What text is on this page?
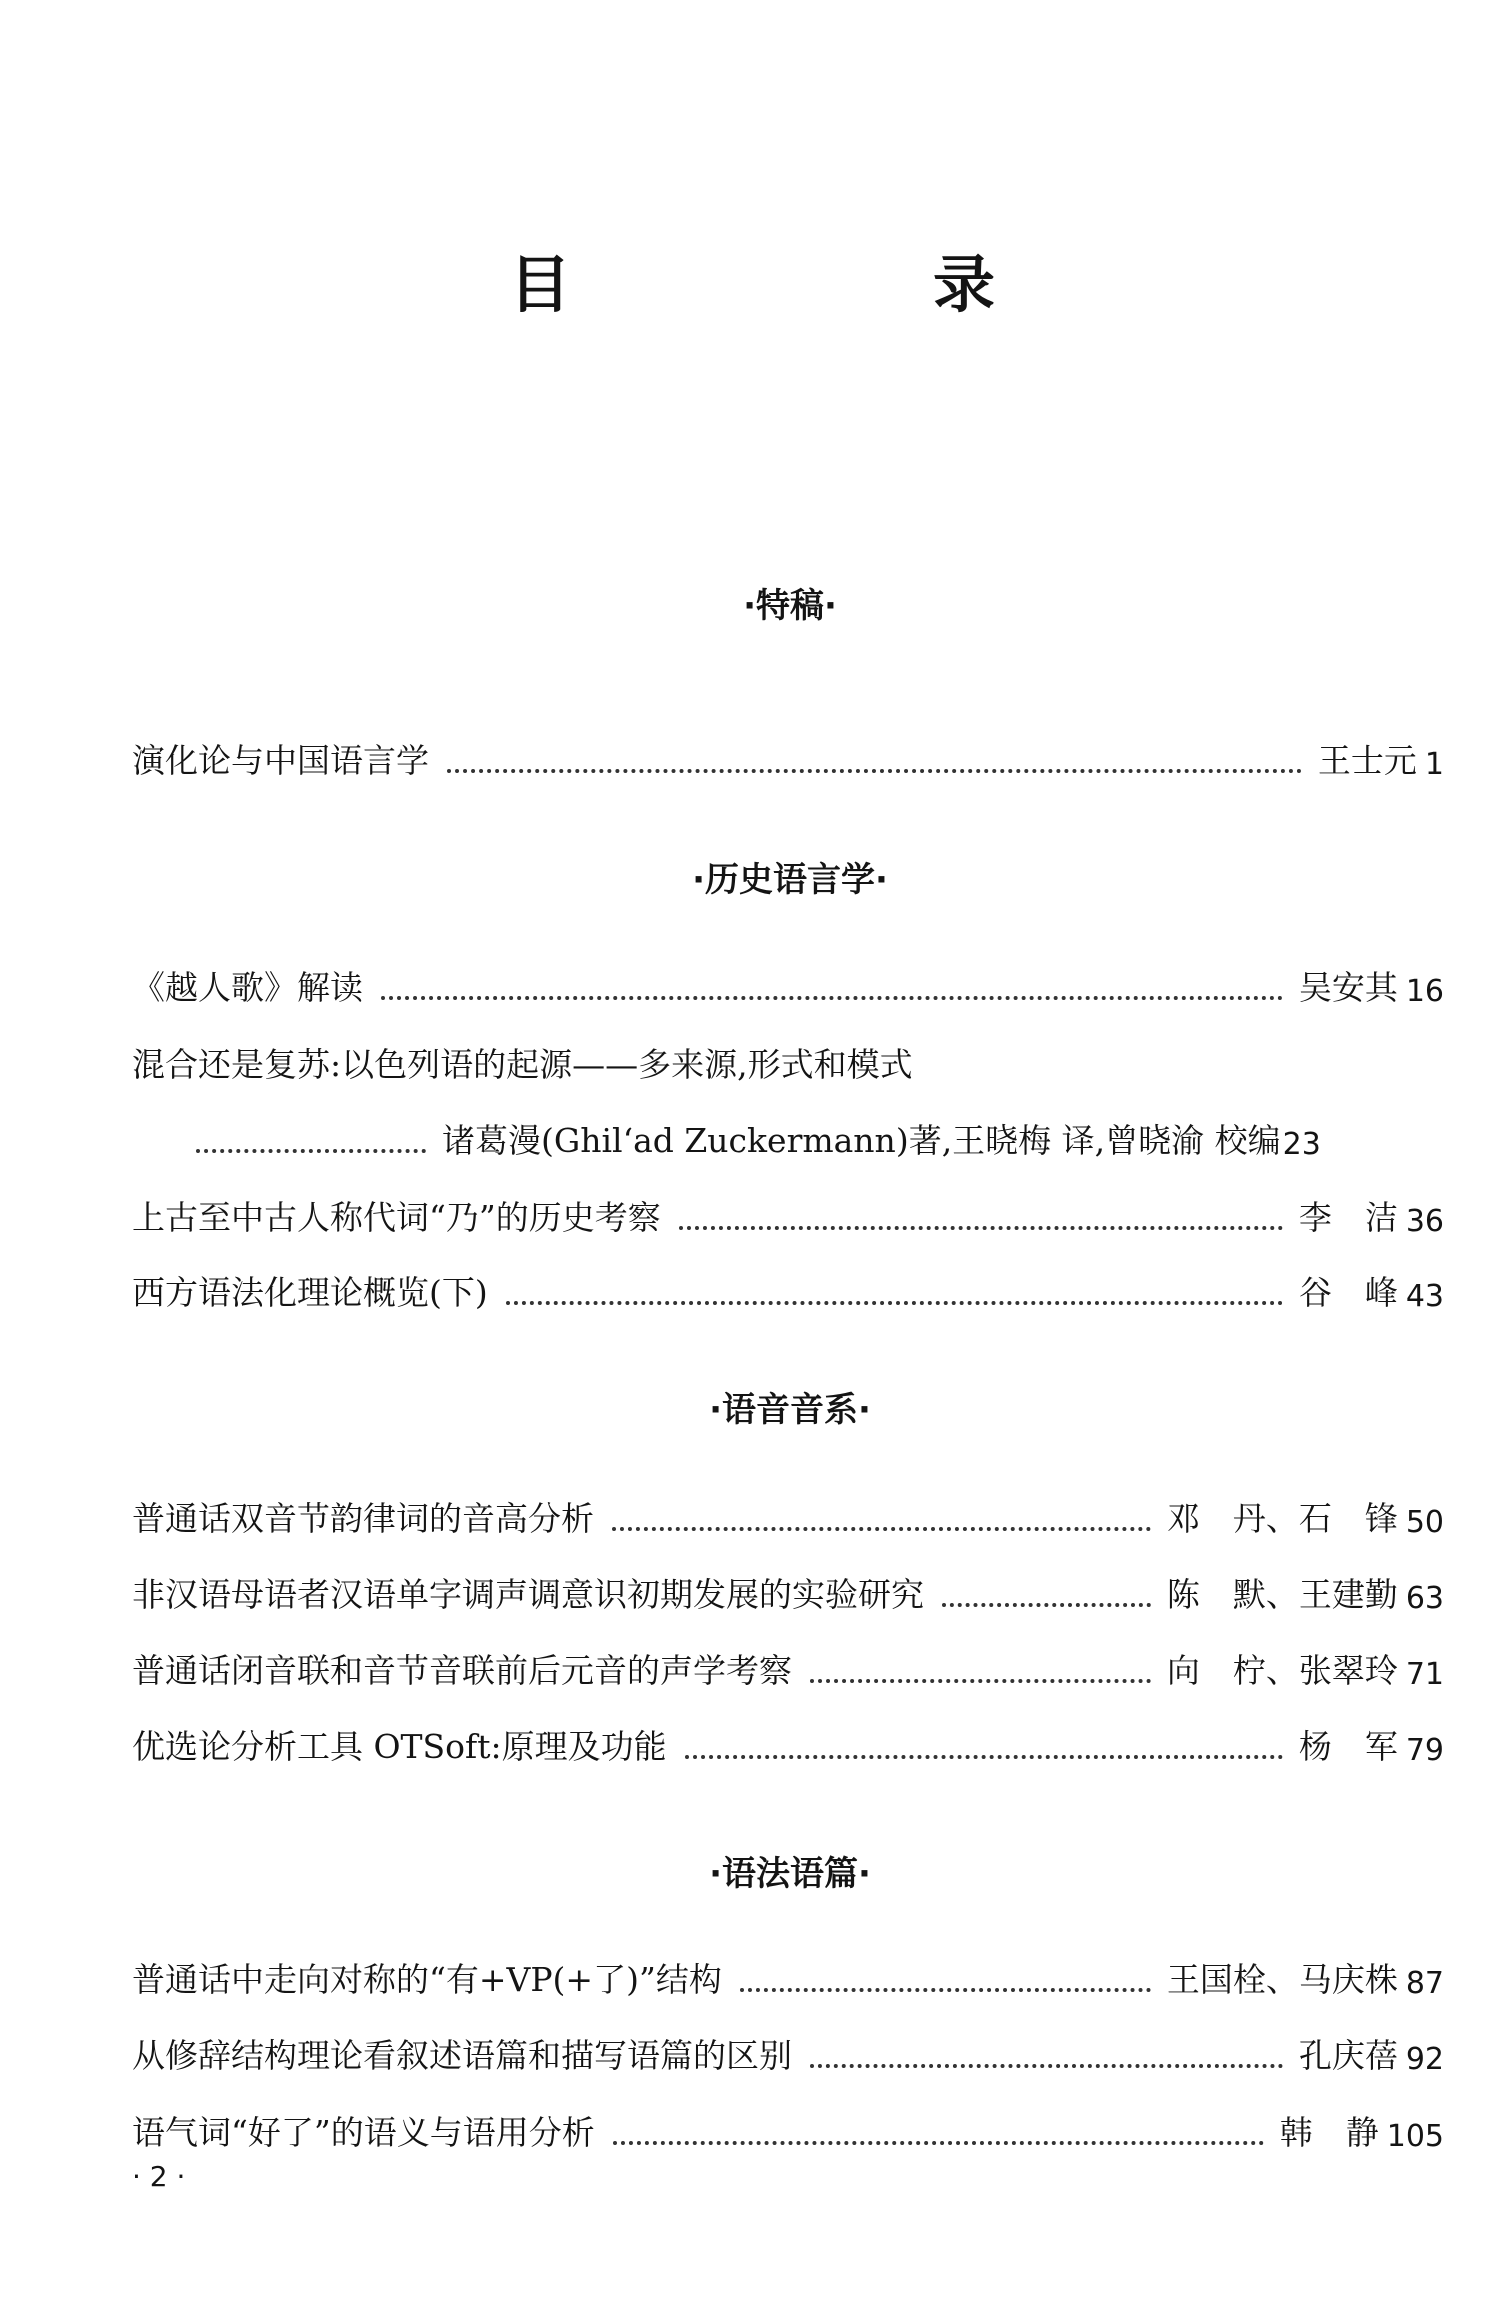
目　录
·特稿·
演化论与中国语言学	王士元 1
·历史语言学·
《越人歌》解读	吴安其 16
混合还是复苏:以色列语的起源——多来源,形式和模式
诸葛漫(Ghil‘ad Zuckermann)著,王晓梅 译,曾晓渝 校编 23
上古至中古人称代词“乃”的历史考察	李　洁 36
西方语法化理论概览(下)	谷　峰 43
·语音音系·
普通话双音节韵律词的音高分析	邓　丹、石　锋 50
非汉语母语者汉语单字调声调意识初期发展的实验研究	陈　默、王建勤 63
普通话闭音联和音节音联前后元音的声学考察	向　柠、张翠玲 71
优选论分析工具 OTSoft:原理及功能	杨　军 79
·语法语篇·
普通话中走向对称的“有+VP(+了)”结构	王国栓、马庆株 87
从修辞结构理论看叙述语篇和描写语篇的区别	孔庆蓓 92
语气词“好了”的语义与语用分析	韩　静 105
· 2 ·
